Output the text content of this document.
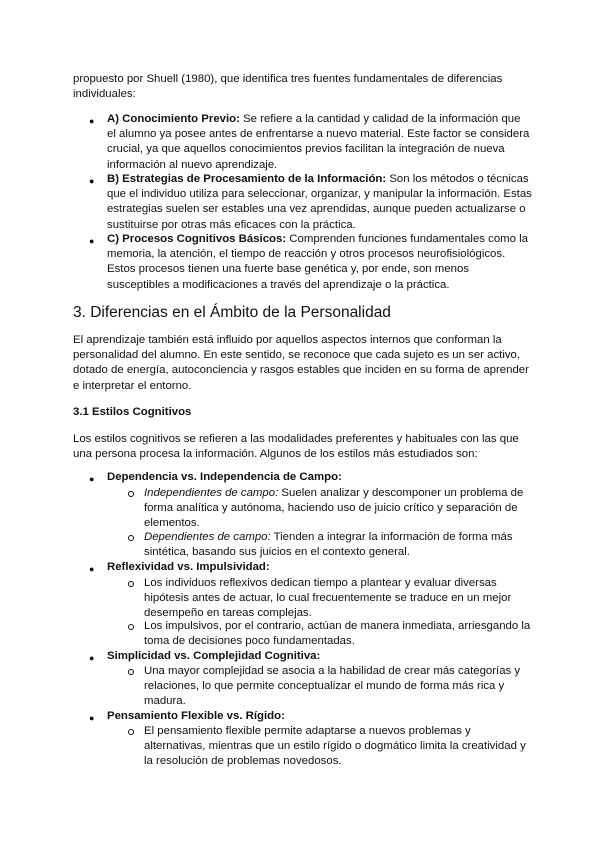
propuesto por Shuell (1980), que identifica tres fuentes fundamentales de diferencias individuales:

● A) Conocimiento Previo: Se refiere a la cantidad y calidad de la información que el alumno ya posee antes de enfrentarse a nuevo material. Este factor se considera crucial, ya que aquellos conocimientos previos facilitan la integración de nueva información al nuevo aprendizaje.

● B) Estrategias de Procesamiento de la Información: Son los métodos o técnicas que el individuo utiliza para seleccionar, organizar, y manipular la información. Estas estrategias suelen ser estables una vez aprendidas, aunque pueden actualizarse o sustituirse por otras más eficaces con la práctica.

● C) Procesos Cognitivos Básicos: Comprenden funciones fundamentales como la memoria, la atención, el tiempo de reacción y otros procesos neurofisiológicos. Estos procesos tienen una fuerte base genética y, por ende, son menos susceptibles a modificaciones a través del aprendizaje o la práctica.

3. Diferencias en el Ámbito de la Personalidad

El aprendizaje también está influido por aquellos aspectos internos que conforman la personalidad del alumno. En este sentido, se reconoce que cada sujeto es un ser activo, dotado de energía, autoconciencia y rasgos estables que inciden en su forma de aprender e interpretar el entorno.

3.1 Estilos Cognitivos

Los estilos cognitivos se refieren a las modalidades preferentes y habituales con las que una persona procesa la información. Algunos de los estilos más estudiados son:

● Dependencia vs. Independencia de Campo:

Independientes de campo: Suelen analizar y descomponer un problema de forma analítica y autónoma, haciendo uso de juicio crítico y separación de elementos.

Dependientes de campo: Tienden a integrar la información de forma más sintética, basando sus juicios en el contexto general.

● Reflexividad vs. Impulsividad:

Los individuos reflexivos dedican tiempo a plantear y evaluar diversas hipótesis antes de actuar, lo cual frecuentemente se traduce en un mejor desempeño en tareas complejas.

Los impulsivos, por el contrario, actúan de manera inmediata, arriesgando la toma de decisiones poco fundamentadas.

● Simplicidad vs. Complejidad Cognitiva:

Una mayor complejidad se asocia a la habilidad de crear más categorías y relaciones, lo que permite conceptualizar el mundo de forma más rica y madura.

● Pensamiento Flexible vs. Rígido:

El pensamiento flexible permite adaptarse a nuevos problemas y alternativas, mientras que un estilo rígido o dogmático limita la creatividad y la resolución de problemas novedosos.
